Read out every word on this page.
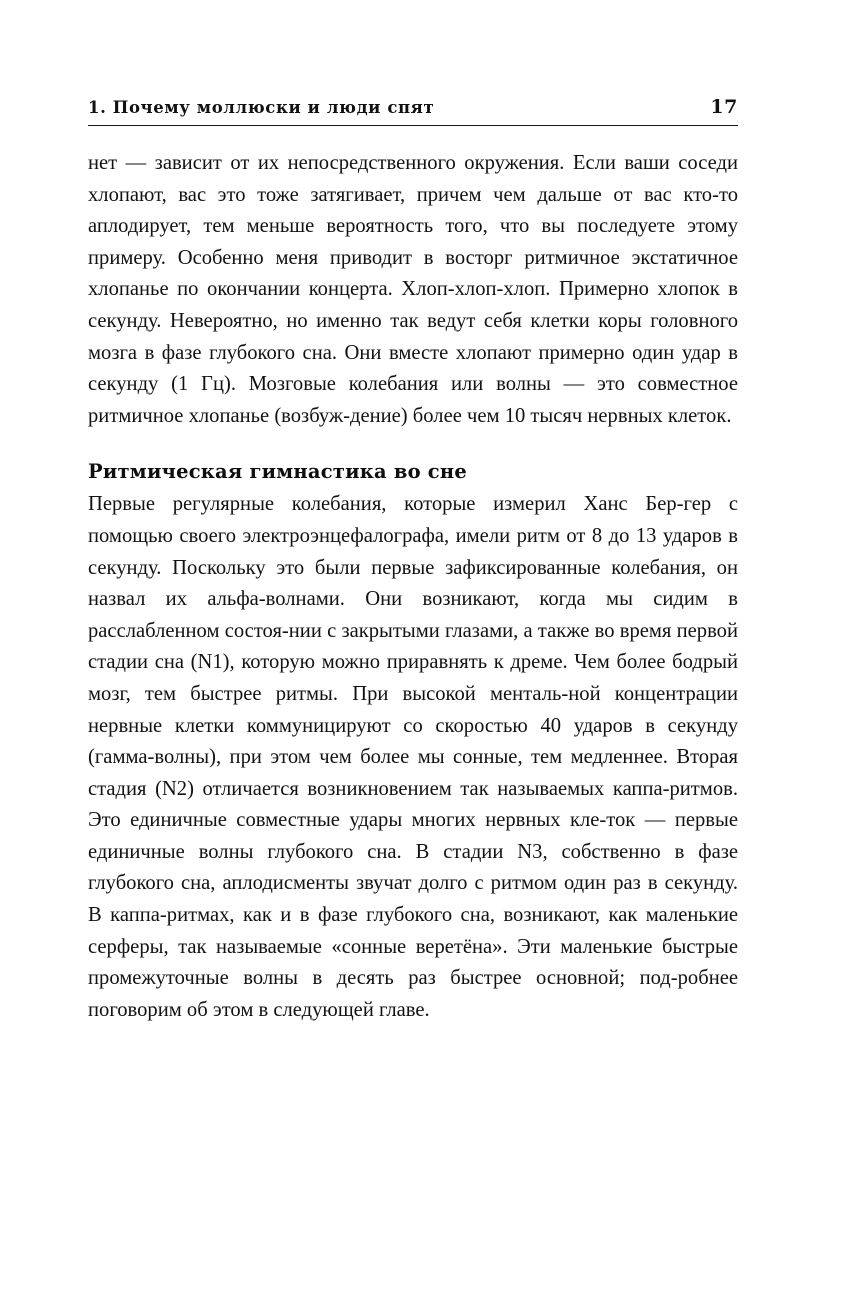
1. Почему моллюски и люди спят	17

нет — зависит от их непосредственного окружения. Если ваши соседи хлопают, вас это тоже затягивает, причем чем дальше от вас кто-то аплодирует, тем меньше вероятность того, что вы последуете этому примеру. Особенно меня приводит в восторг ритмичное экстатичное хлопанье по окончании концерта. Хлоп-хлоп-хлоп. Примерно хлопок в секунду. Невероятно, но именно так ведут себя клетки коры головного мозга в фазе глубокого сна. Они вместе хлопают примерно один удар в секунду (1 Гц). Мозговые колебания или волны — это совместное ритмичное хлопанье (возбуж-дение) более чем 10 тысяч нервных клеток.

Ритмическая гимнастика во сне

Первые регулярные колебания, которые измерил Ханс Бер-гер с помощью своего электроэнцефалографа, имели ритм от 8 до 13 ударов в секунду. Поскольку это были первые зафиксированные колебания, он назвал их альфа-волнами. Они возникают, когда мы сидим в расслабленном состоя-нии с закрытыми глазами, а также во время первой стадии сна (N1), которую можно приравнять к дреме. Чем более бодрый мозг, тем быстрее ритмы. При высокой менталь-ной концентрации нервные клетки коммуницируют со скоростью 40 ударов в секунду (гамма-волны), при этом чем более мы сонные, тем медленнее. Вторая стадия (N2) отличается возникновением так называемых каппа-ритмов. Это единичные совместные удары многих нервных кле-ток — первые единичные волны глубокого сна. В стадии N3, собственно в фазе глубокого сна, аплодисменты звучат долго с ритмом один раз в секунду. В каппа-ритмах, как и в фазе глубокого сна, возникают, как маленькие серферы, так называемые «сонные веретёна». Эти маленькие быстрые промежуточные волны в десять раз быстрее основной; под-робнее поговорим об этом в следующей главе.
